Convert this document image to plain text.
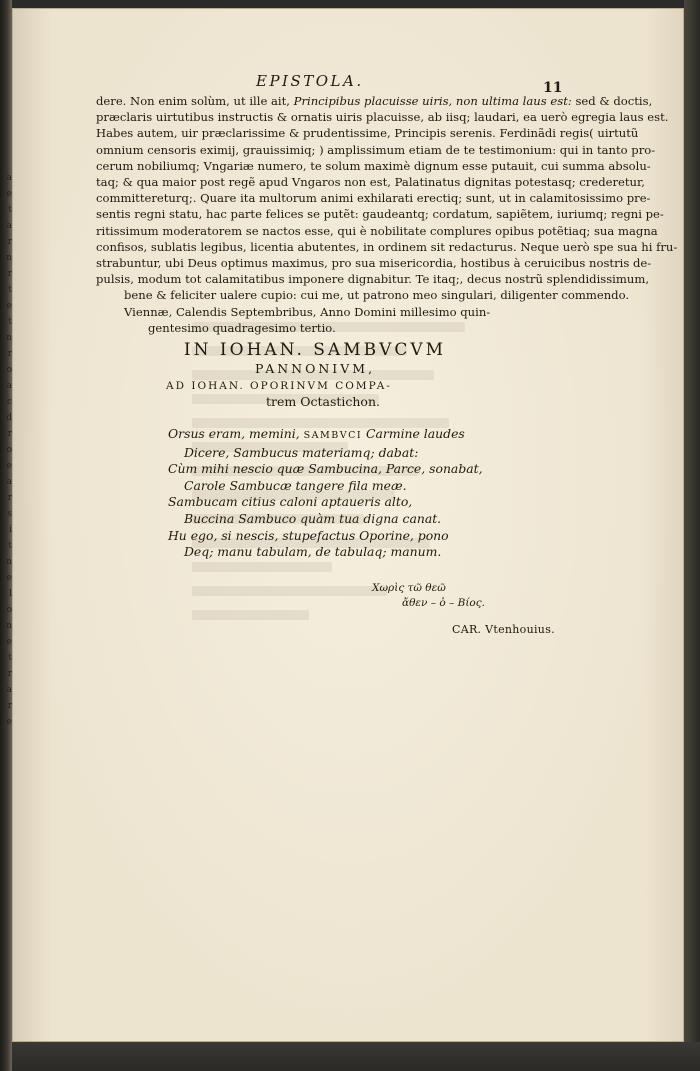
a
e
t
a
r
n
r
t
e
t
n
r
o
a
c
d
r
o
e
a
r
s
i
t
n
e
l
o
n
e
t
r
a
r
e
EPISTOLA.	11
dere. Non enim solùm, ut ille ait, Principibus placuisse uiris, non ultima laus est: sed & doctis,
præclaris uirtutibus instructis & ornatis uiris placuisse, ab iisq; laudari, ea uerò egregia laus est.
Habes autem, uir præclarissime & prudentissime, Principis serenis. Ferdinãdi regis( uirtutũ
omnium censoris eximij, grauissimiq; ) amplissimum etiam de te testimonium: qui in tanto pro-
cerum nobiliumq; Vngariæ numero, te solum maximè dignum esse putauit, cui summa absolu-
taq; & qua maior post regẽ apud Vngaros non est, Palatinatus dignitas potestasq; crederetur,
committereturq;. Quare ita multorum animi exhilarati erectiq; sunt, ut in calamitosissimo pre-
sentis regni statu, hac parte felices se putẽt: gaudeantq; cordatum, sapiẽtem, iuriumq; regni pe-
ritissimum moderatorem se nactos esse, qui è nobilitate complures opibus potẽtiaq; sua magna
confisos, sublatis legibus, licentia abutentes, in ordinem sit redacturus. Neque uerò spe sua hi fru-
strabuntur, ubi Deus optimus maximus, pro sua misericordia, hostibus à ceruicibus nostris de-
pulsis, modum tot calamitatibus imponere dignabitur. Te itaq;, decus nostrũ splendidissimum,
bene & feliciter ualere cupio: cui me, ut patrono meo singulari, diligenter commendo.
Viennæ, Calendis Septembribus, Anno Domini millesimo quin-
gentesimo quadragesimo tertio.
IN IOHAN. SAMBVCVM
PANNONIVM,
AD IOHAN. OPORINVM COMPA-
trem Octastichon.
Orsus eram, memini, SAMBVCI Carmine laudes
Dicere, Sambucus materiamq; dabat:
Cùm mihi nescio quæ Sambucina, Parce, sonabat,
Carole Sambucæ tangere fila meæ.
Sambucam citius caloni aptaueris alto,
Buccina Sambuco quàm tua digna canat.
Hu ego, si nescis, stupefactus Oporine, pono
Deq; manu tabulam, de tabulaq; manum.
Χωρὶς τῶ θεῶ
ἄθεν – ὁ – Βίος.
CAR. Vtenhouius.
